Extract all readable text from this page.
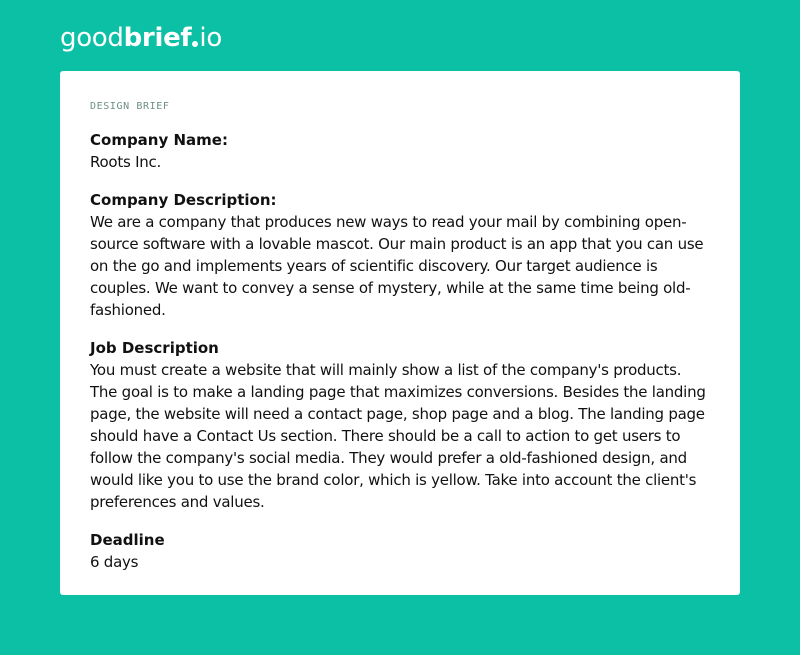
good brief io
DESIGN BRIEF

Company Name:

Roots Inc.

Company Description:

We are a company that produces new ways to read your mail by combining open-source software with a lovable mascot. Our main product is an app that you can use on the go and implements years of scientific discovery. Our target audience is couples. We want to convey a sense of mystery, while at the same time being old-fashioned.

Job Description

You must create a website that will mainly show a list of the company's products. The goal is to make a landing page that maximizes conversions. Besides the landing page, the website will need a contact page, shop page and a blog. The landing page should have a Contact Us section. There should be a call to action to get users to follow the company's social media. They would prefer a old-fashioned design, and would like you to use the brand color, which is yellow. Take into account the client's preferences and values.

Deadline

6 days
